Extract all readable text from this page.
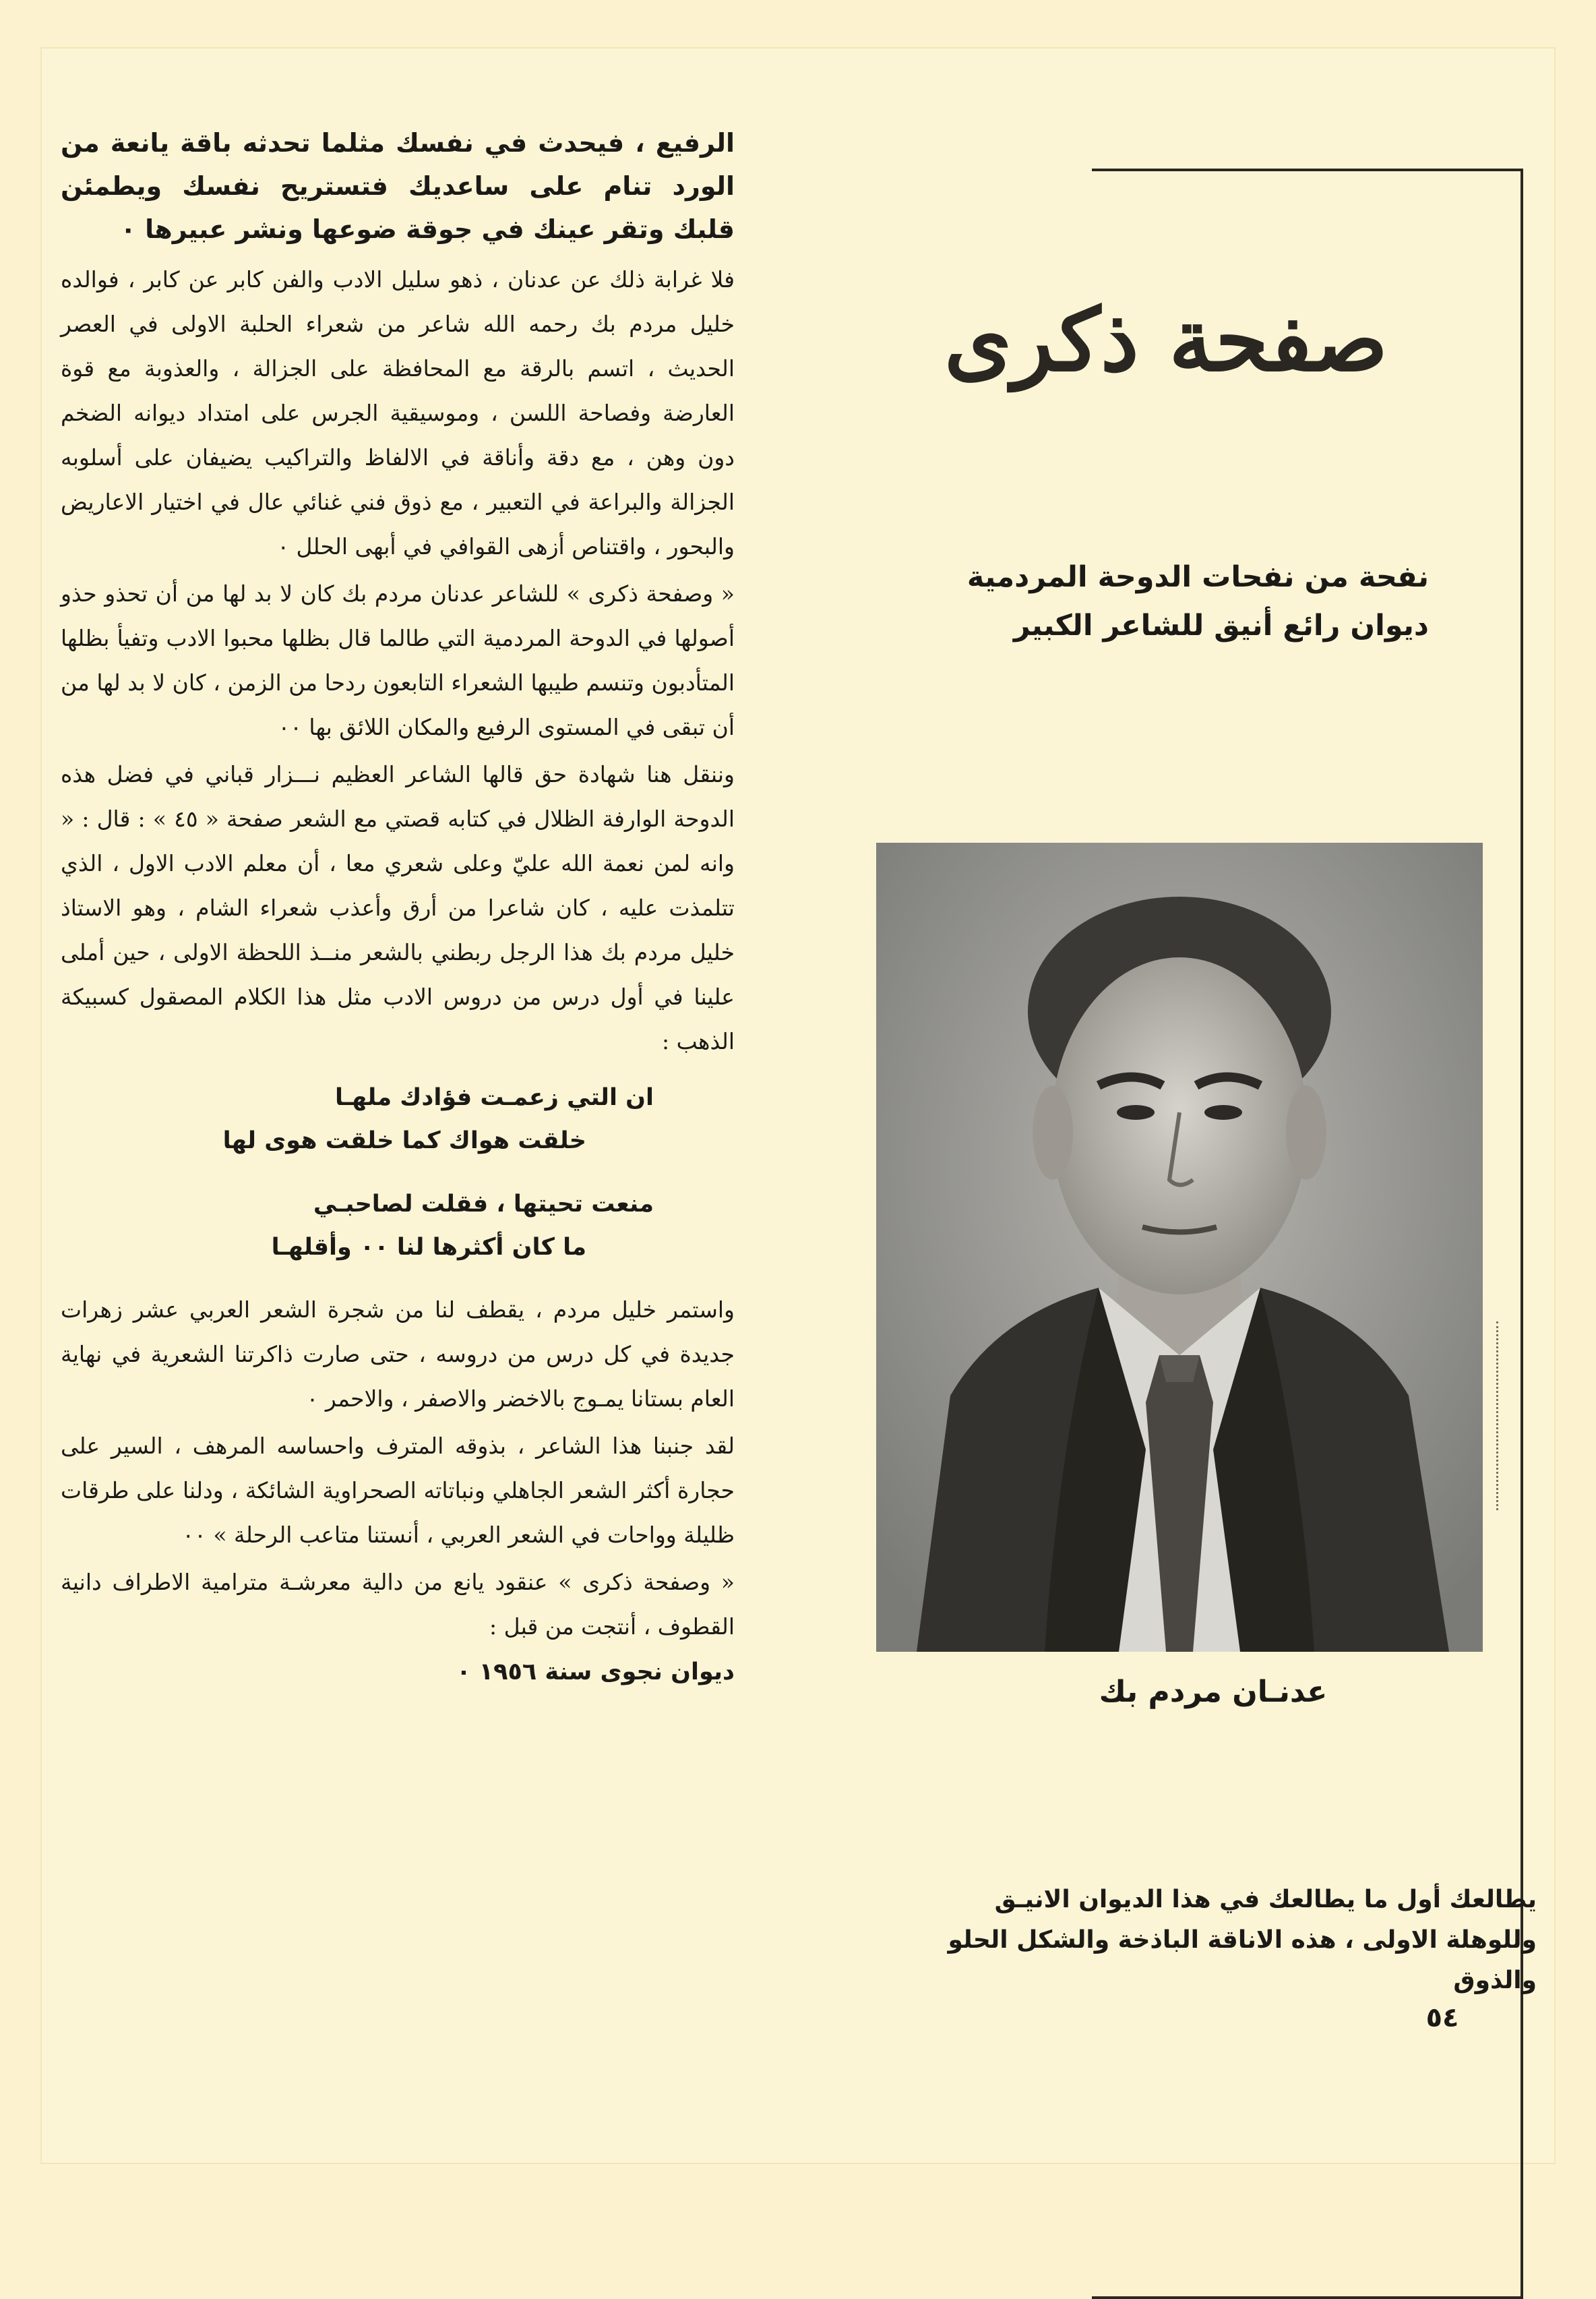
الرفيع ، فيحدث في نفسك مثلما تحدثه باقة يانعة من الورد تنام على ساعديك فتستريح نفسك ويطمئن قلبك وتقر عينك في جوقة ضوعها ونشر عبيرها ٠

فلا غرابة ذلك عن عدنان ، ذهو سليل الادب والفن كابر عن كابر ، فوالده خليل مردم بك رحمه الله شاعر من شعراء الحلبة الاولى في العصر الحديث ، اتسم بالرقة مع المحافظة على الجزالة ، والعذوبة مع قوة العارضة وفصاحة اللسن ، وموسيقية الجرس على امتداد ديوانه الضخم دون وهن ، مع دقة وأناقة في الالفاظ والتراكيب يضيفان على أسلوبه الجزالة والبراعة في التعبير ، مع ذوق فني غنائي عال في اختيار الاعاريض والبحور ، واقتناص أزهى القوافي في أبهى الحلل ٠

« وصفحة ذكرى » للشاعر عدنان مردم بك كان لا بد لها من أن تحذو حذو أصولها في الدوحة المردمية التي طالما قال بظلها محبوا الادب وتفيأ بظلها المتأدبون وتنسم طيبها الشعراء التابعون ردحا من الزمن ، كان لا بد لها من أن تبقى في المستوى الرفيع والمكان اللائق بها ٠٠

وننقل هنا شهادة حق قالها الشاعر العظيم نـــزار قباني في فضل هذه الدوحة الوارفة الظلال في كتابه قصتي مع الشعر صفحة « ٤٥ » : قال : « وانه لمن نعمة الله عليّ وعلى شعري معا ، أن معلم الادب الاول ، الذي تتلمذت عليه ، كان شاعرا من أرق وأعذب شعراء الشام ، وهو الاستاذ خليل مردم بك هذا الرجل ربطني بالشعر منــذ اللحظة الاولى ، حين أملى علينا في أول درس من دروس الادب مثل هذا الكلام المصقول كسبيكة الذهب :

ان التي زعمـت فؤادك ملهـا

خلقت هواك كما خلقت هوى لها

منعت تحيتها ، فقلت لصاحبـي

ما كان أكثرها لنا ٠٠ وأقلهـا

واستمر خليل مردم ، يقطف لنا من شجرة الشعر العربي عشر زهرات جديدة في كل درس من دروسه ، حتى صارت ذاكرتنا الشعرية في نهاية العام بستانا يمـوج بالاخضر والاصفر ، والاحمر ٠

لقد جنبنا هذا الشاعر ، بذوقه المترف واحساسه المرهف ، السير على حجارة أكثر الشعر الجاهلي ونباتاته الصحراوية الشائكة ، ودلنا على طرقات ظليلة وواحات في الشعر العربي ، أنستنا متاعب الرحلة » ٠٠

« وصفحة ذكرى » عنقود يانع من دالية معرشـة مترامية الاطراف دانية القطوف ، أنتجت من قبل :

ديوان نجوى سنة ١٩٥٦ ٠

صفحة ذكرى
نفحة من نفحات الدوحة المردمية
ديوان رائع أنيق للشاعر الكبير
عدنـان مردم بك
يطالعك أول ما يطالعك في هذا الديوان الانيـق
وللوهلة الاولى ، هذه الاناقة الباذخة والشكل الحلو والذوق
٥٤
